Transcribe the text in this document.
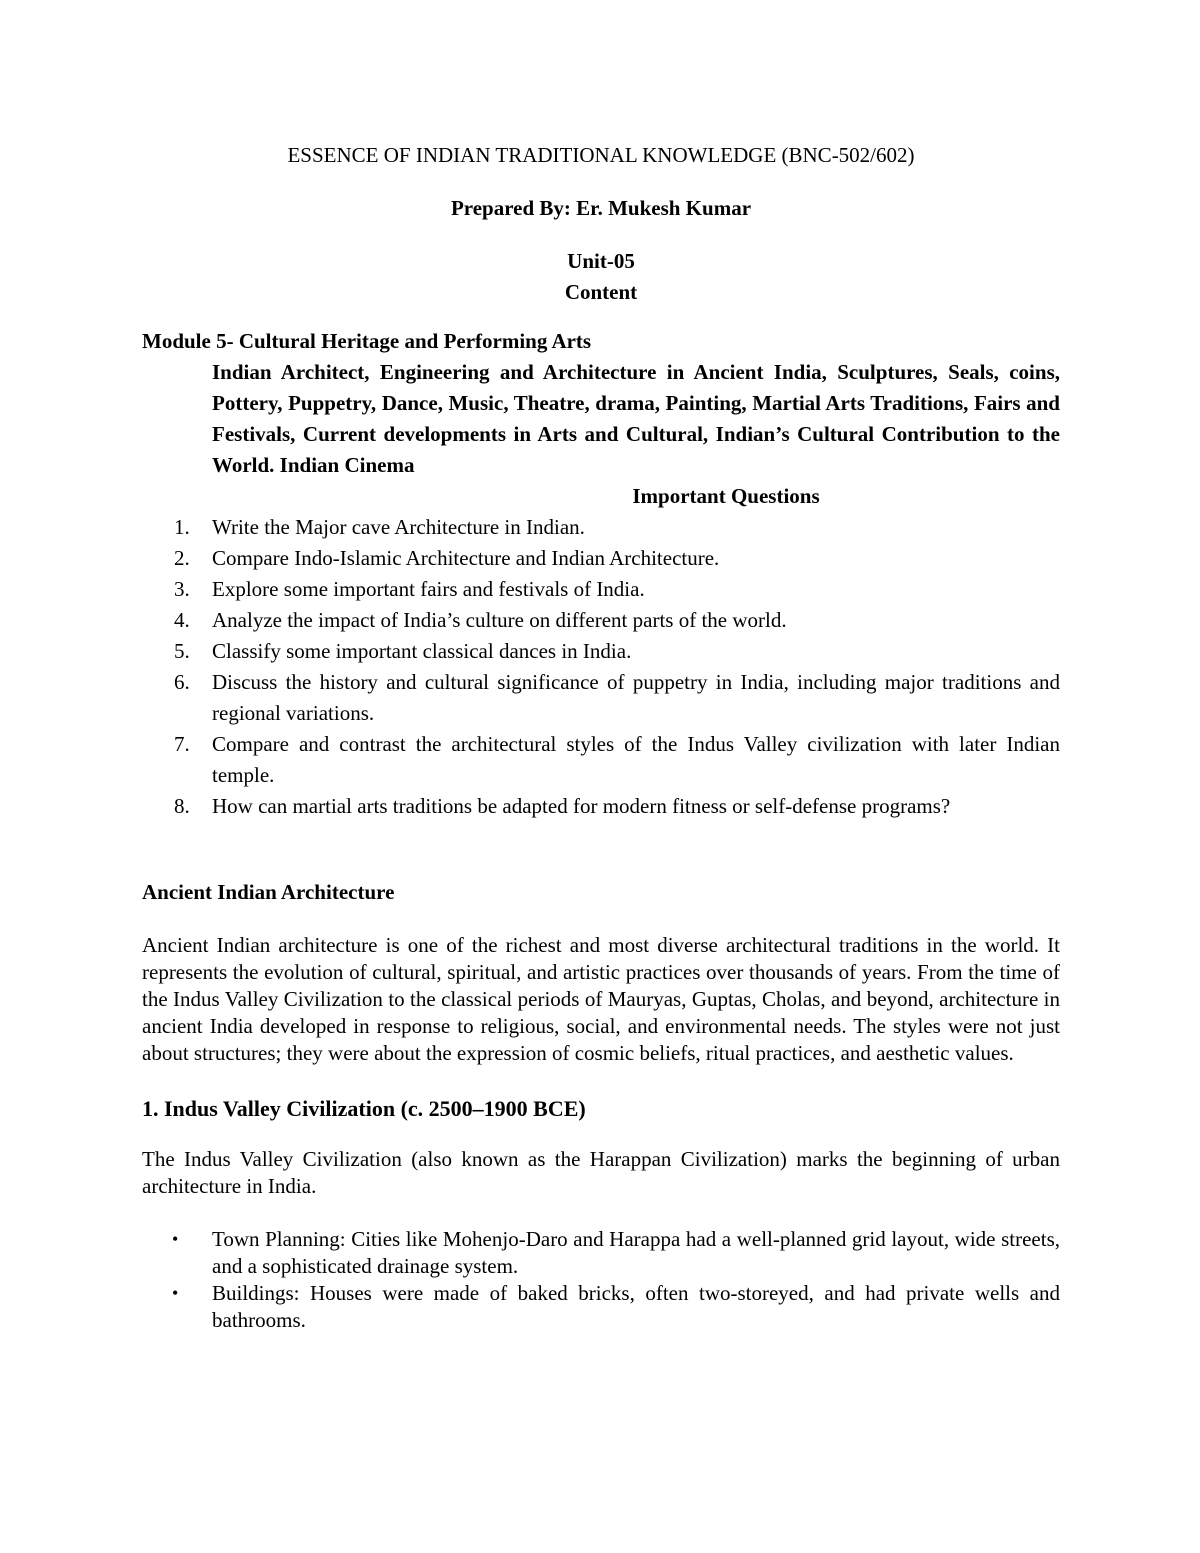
ESSENCE OF INDIAN TRADITIONAL KNOWLEDGE (BNC-502/602)
Prepared By: Er. Mukesh Kumar
Unit-05
Content
Module 5- Cultural Heritage and Performing Arts
Indian Architect, Engineering and Architecture in Ancient India, Sculptures, Seals, coins, Pottery, Puppetry, Dance, Music, Theatre, drama, Painting, Martial Arts Traditions, Fairs and Festivals, Current developments in Arts and Cultural, Indian’s Cultural Contribution to the World. Indian Cinema
Important Questions
1. Write the Major cave Architecture in Indian.
2. Compare Indo-Islamic Architecture and Indian Architecture.
3. Explore some important fairs and festivals of India.
4. Analyze the impact of India’s culture on different parts of the world.
5. Classify some important classical dances in India.
6. Discuss the history and cultural significance of puppetry in India, including major traditions and regional variations.
7. Compare and contrast the architectural styles of the Indus Valley civilization with later Indian temple.
8. How can martial arts traditions be adapted for modern fitness or self-defense programs?
Ancient Indian Architecture
Ancient Indian architecture is one of the richest and most diverse architectural traditions in the world. It represents the evolution of cultural, spiritual, and artistic practices over thousands of years. From the time of the Indus Valley Civilization to the classical periods of Mauryas, Guptas, Cholas, and beyond, architecture in ancient India developed in response to religious, social, and environmental needs. The styles were not just about structures; they were about the expression of cosmic beliefs, ritual practices, and aesthetic values.
1. Indus Valley Civilization (c. 2500–1900 BCE)
The Indus Valley Civilization (also known as the Harappan Civilization) marks the beginning of urban architecture in India.
• Town Planning: Cities like Mohenjo-Daro and Harappa had a well-planned grid layout, wide streets, and a sophisticated drainage system.
• Buildings: Houses were made of baked bricks, often two-storeyed, and had private wells and bathrooms.
